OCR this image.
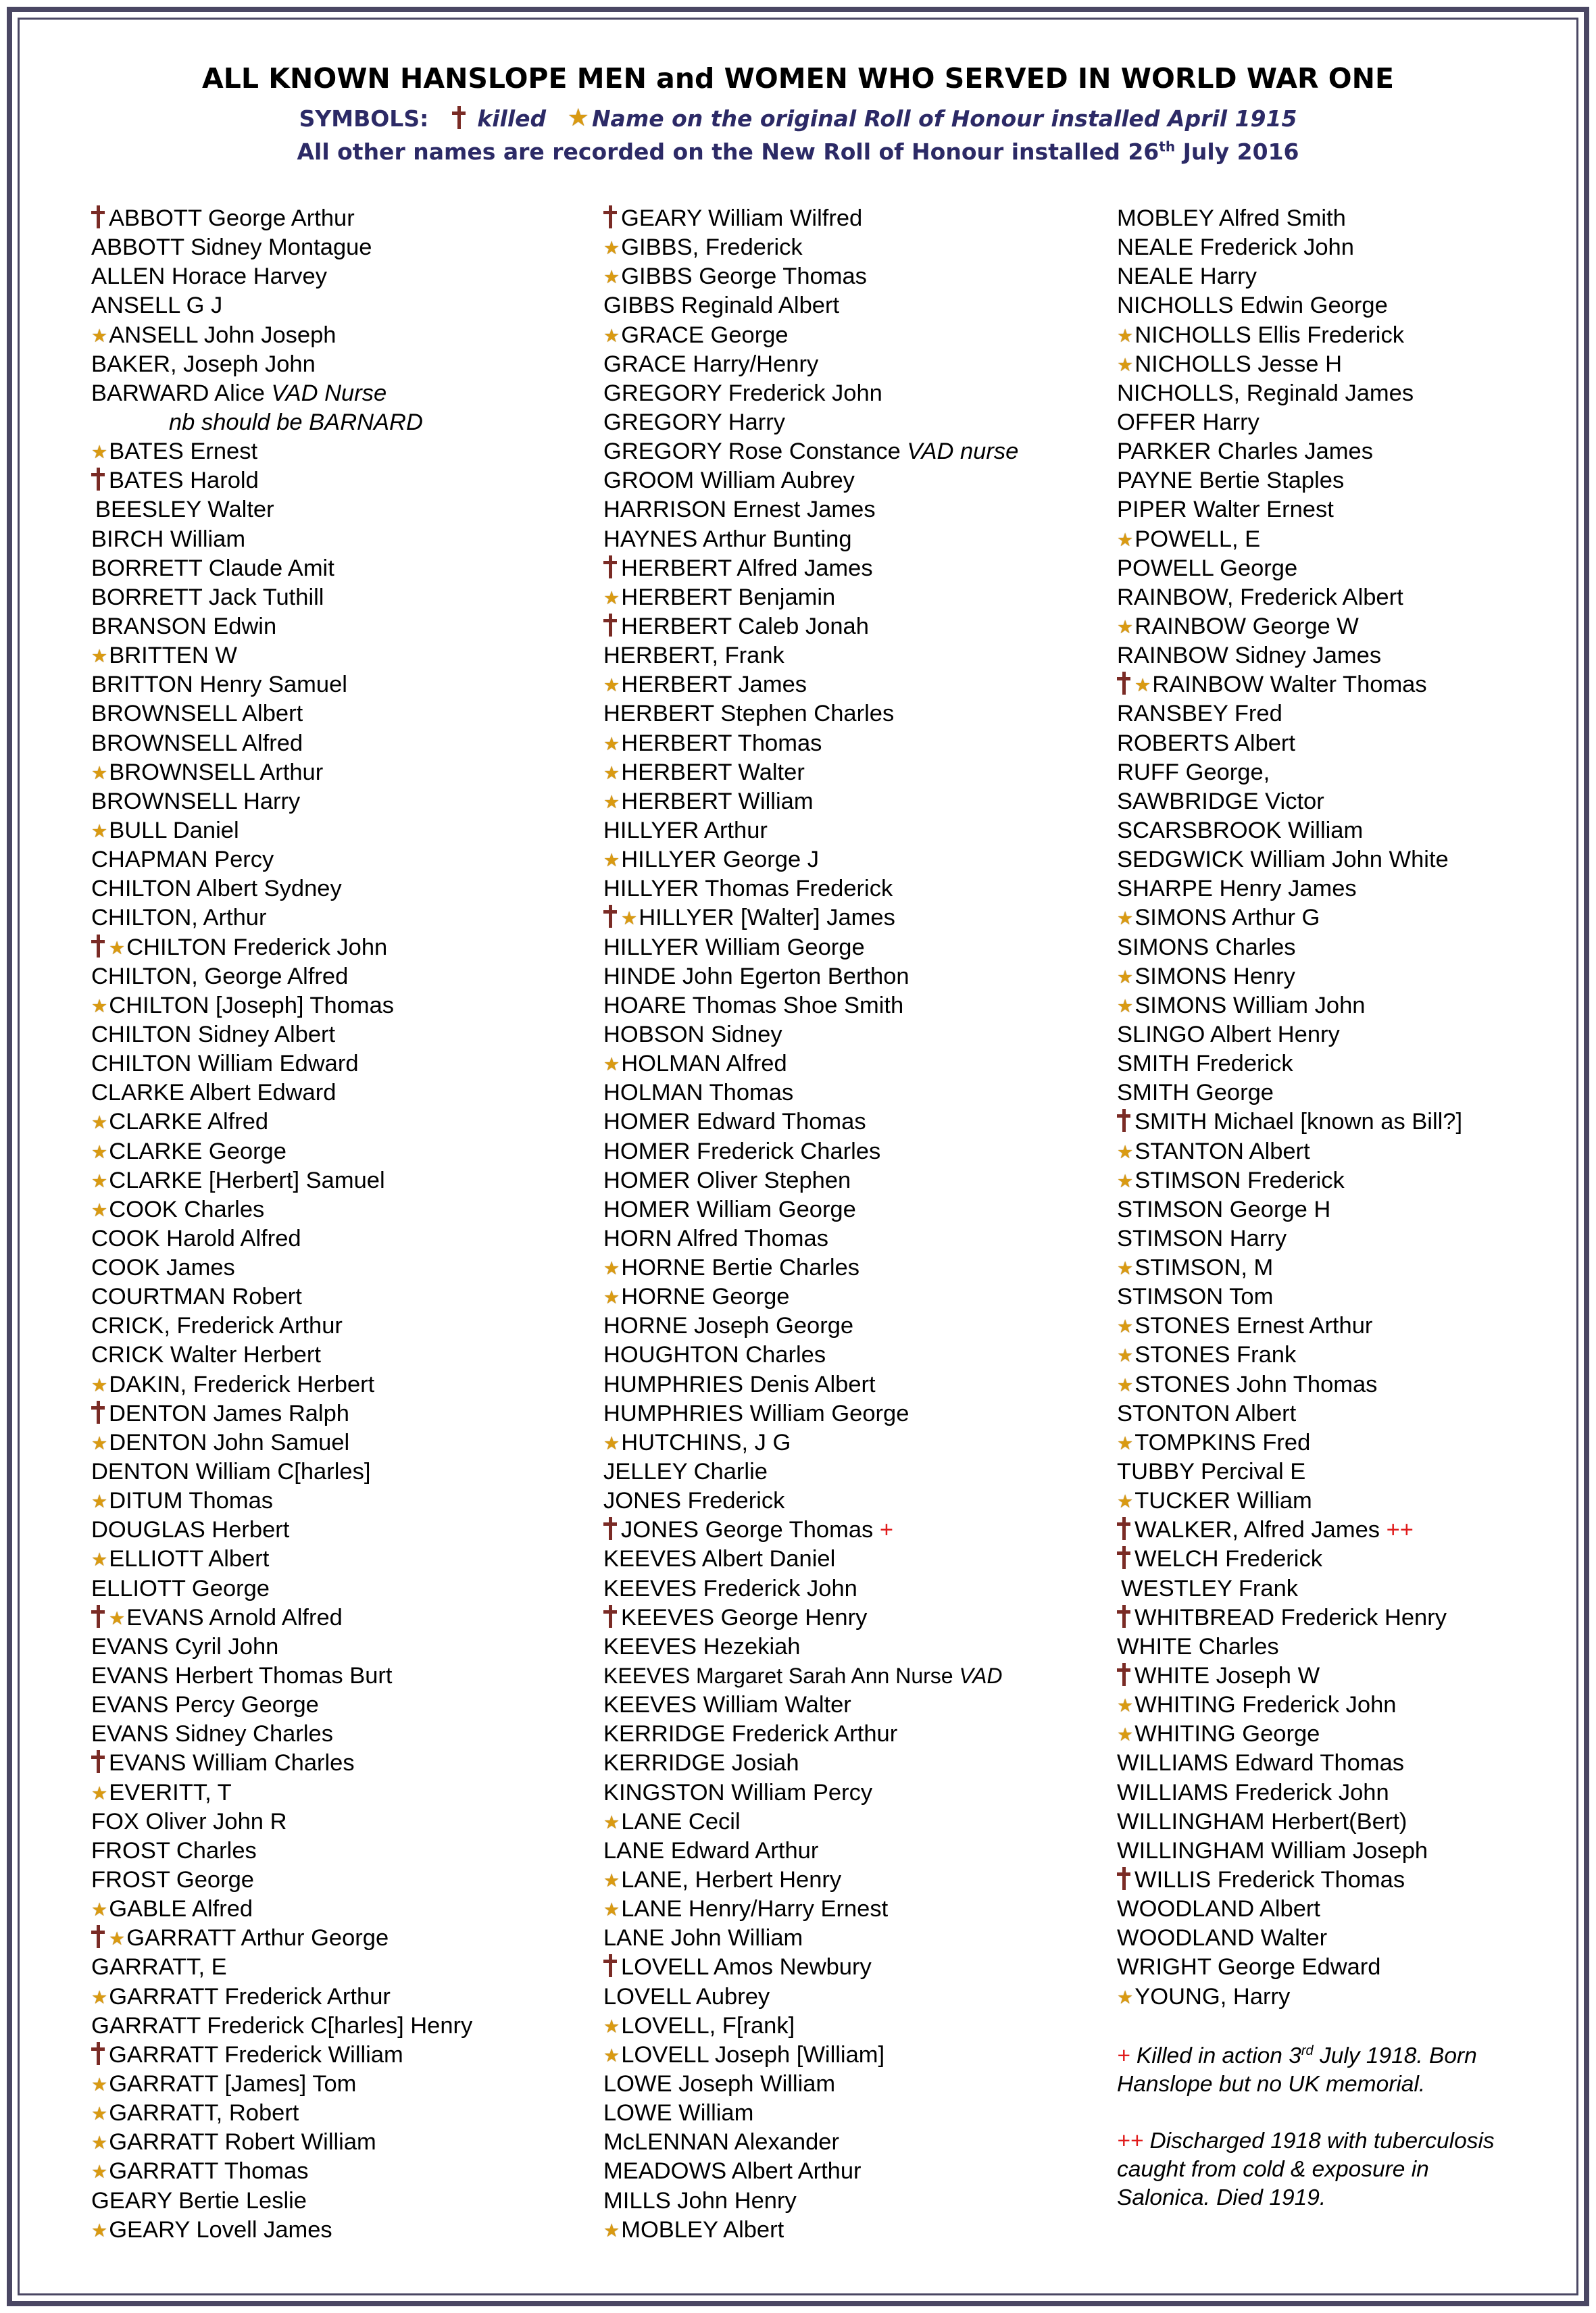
ALL KNOWN HANSLOPE MEN and WOMEN WHO SERVED IN WORLD WAR ONE
SYMBOLS: killed ★ Name on the original Roll of Honour installed April 1915
All other names are recorded on the New Roll of Honour installed 26th July 2016
ABBOTT George Arthur
ABBOTT Sidney Montague
ALLEN Horace Harvey
ANSELL G J
★ANSELL John Joseph
BAKER, Joseph John
BARWARD Alice VAD Nurse
nb should be BARNARD
★BATES Ernest
BATES Harold
BEESLEY Walter
BIRCH William
BORRETT Claude Amit
BORRETT Jack Tuthill
BRANSON Edwin
★BRITTEN W
BRITTON Henry Samuel
BROWNSELL Albert
BROWNSELL Alfred
★BROWNSELL Arthur
BROWNSELL Harry
★BULL Daniel
CHAPMAN Percy
CHILTON Albert Sydney
CHILTON, Arthur
★CHILTON Frederick John
CHILTON, George Alfred
★CHILTON [Joseph] Thomas
CHILTON Sidney Albert
CHILTON William Edward
CLARKE Albert Edward
★CLARKE Alfred
★CLARKE George
★CLARKE [Herbert] Samuel
★COOK Charles
COOK Harold Alfred
COOK James
COURTMAN Robert
CRICK, Frederick Arthur
CRICK Walter Herbert
★DAKIN, Frederick Herbert
DENTON James Ralph
★DENTON John Samuel
DENTON William C[harles]
★DITUM Thomas
DOUGLAS Herbert
★ELLIOTT Albert
ELLIOTT George
★EVANS Arnold Alfred
EVANS Cyril John
EVANS Herbert Thomas Burt
EVANS Percy George
EVANS Sidney Charles
EVANS William Charles
★EVERITT, T
FOX Oliver John R
FROST Charles
FROST George
★GABLE Alfred
★GARRATT Arthur George
GARRATT, E
★GARRATT Frederick Arthur
GARRATT Frederick C[harles] Henry
GARRATT Frederick William
★GARRATT [James] Tom
★GARRATT, Robert
★GARRATT Robert William
★GARRATT Thomas
GEARY Bertie Leslie
★GEARY Lovell James
GEARY William Wilfred
★GIBBS, Frederick
★GIBBS George Thomas
GIBBS Reginald Albert
★GRACE George
GRACE Harry/Henry
GREGORY Frederick John
GREGORY Harry
GREGORY Rose Constance VAD nurse
GROOM William Aubrey
HARRISON Ernest James
HAYNES Arthur Bunting
HERBERT Alfred James
★HERBERT Benjamin
HERBERT Caleb Jonah
HERBERT, Frank
★HERBERT James
HERBERT Stephen Charles
★HERBERT Thomas
★HERBERT Walter
★HERBERT William
HILLYER Arthur
★HILLYER George J
HILLYER Thomas Frederick
★HILLYER [Walter] James
HILLYER William George
HINDE John Egerton Berthon
HOARE Thomas Shoe Smith
HOBSON Sidney
★HOLMAN Alfred
HOLMAN Thomas
HOMER Edward Thomas
HOMER Frederick Charles
HOMER Oliver Stephen
HOMER William George
HORN Alfred Thomas
★HORNE Bertie Charles
★HORNE George
HORNE Joseph George
HOUGHTON Charles
HUMPHRIES Denis Albert
HUMPHRIES William George
★HUTCHINS, J G
JELLEY Charlie
JONES Frederick
JONES George Thomas +
KEEVES Albert Daniel
KEEVES Frederick John
KEEVES George Henry
KEEVES Hezekiah
KEEVES Margaret Sarah Ann Nurse VAD
KEEVES William Walter
KERRIDGE Frederick Arthur
KERRIDGE Josiah
KINGSTON William Percy
★LANE Cecil
LANE Edward Arthur
★LANE, Herbert Henry
★LANE Henry/Harry Ernest
LANE John William
LOVELL Amos Newbury
LOVELL Aubrey
★LOVELL, F[rank]
★LOVELL Joseph [William]
LOWE Joseph William
LOWE William
McLENNAN Alexander
MEADOWS Albert Arthur
MILLS John Henry
★MOBLEY Albert
MOBLEY Alfred Smith
NEALE Frederick John
NEALE Harry
NICHOLLS Edwin George
★NICHOLLS Ellis Frederick
★NICHOLLS Jesse H
NICHOLLS, Reginald James
OFFER Harry
PARKER Charles James
PAYNE Bertie Staples
PIPER Walter Ernest
★POWELL, E
POWELL George
RAINBOW, Frederick Albert
★RAINBOW George W
RAINBOW Sidney James
★RAINBOW Walter Thomas
RANSBEY Fred
ROBERTS Albert
RUFF George,
SAWBRIDGE Victor
SCARSBROOK William
SEDGWICK William John White
SHARPE Henry James
★SIMONS Arthur G
SIMONS Charles
★SIMONS Henry
★SIMONS William John
SLINGO Albert Henry
SMITH Frederick
SMITH George
SMITH Michael [known as Bill?]
★STANTON Albert
★STIMSON Frederick
STIMSON George H
STIMSON Harry
★STIMSON, M
STIMSON Tom
★STONES Ernest Arthur
★STONES Frank
★STONES John Thomas
STONTON Albert
★TOMPKINS Fred
TUBBY Percival E
★TUCKER William
WALKER, Alfred James ++
WELCH Frederick
WESTLEY Frank
WHITBREAD Frederick Henry
WHITE Charles
WHITE Joseph W
★WHITING Frederick John
★WHITING George
WILLIAMS Edward Thomas
WILLIAMS Frederick John
WILLINGHAM Herbert(Bert)
WILLINGHAM William Joseph
WILLIS Frederick Thomas
WOODLAND Albert
WOODLAND Walter
WRIGHT George Edward
★YOUNG, Harry
+ Killed in action 3rd July 1918. Born
Hanslope but no UK memorial.
++ Discharged 1918 with tuberculosis
caught from cold & exposure in
Salonica. Died 1919.
